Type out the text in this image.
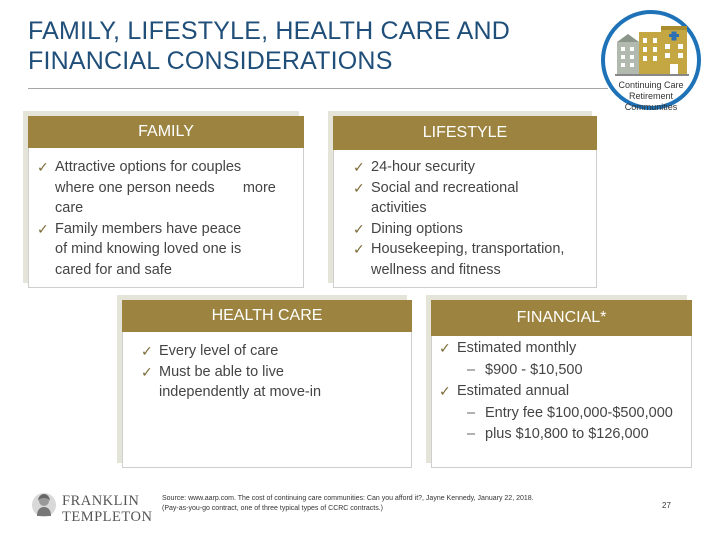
FAMILY, LIFESTYLE, HEALTH CARE AND
FINANCIAL CONSIDERATIONS
Continuing Care
Retirement
Communities
FAMILY
✓ Attractive options for couples
where one person needs       more
care
✓ Family members have peace
of mind knowing loved one is
cared for and safe
LIFESTYLE
✓ 24-hour security
✓ Social and recreational
activities
✓ Dining options
✓ Housekeeping, transportation,
wellness and fitness
HEALTH CARE
✓ Every level of care
✓ Must be able to live
independently at move-in
FINANCIAL*
✓ Estimated monthly
– $900 - $10,500
✓ Estimated annual
– Entry fee $100,000-$500,000
– plus $10,800 to $126,000
FRANKLIN
TEMPLETON
Source: www.aarp.com. The cost of continuing care communities: Can you afford it?, Jayne Kennedy, January 22, 2018.
(Pay-as-you-go contract, one of three typical types of CCRC contracts.)	27
